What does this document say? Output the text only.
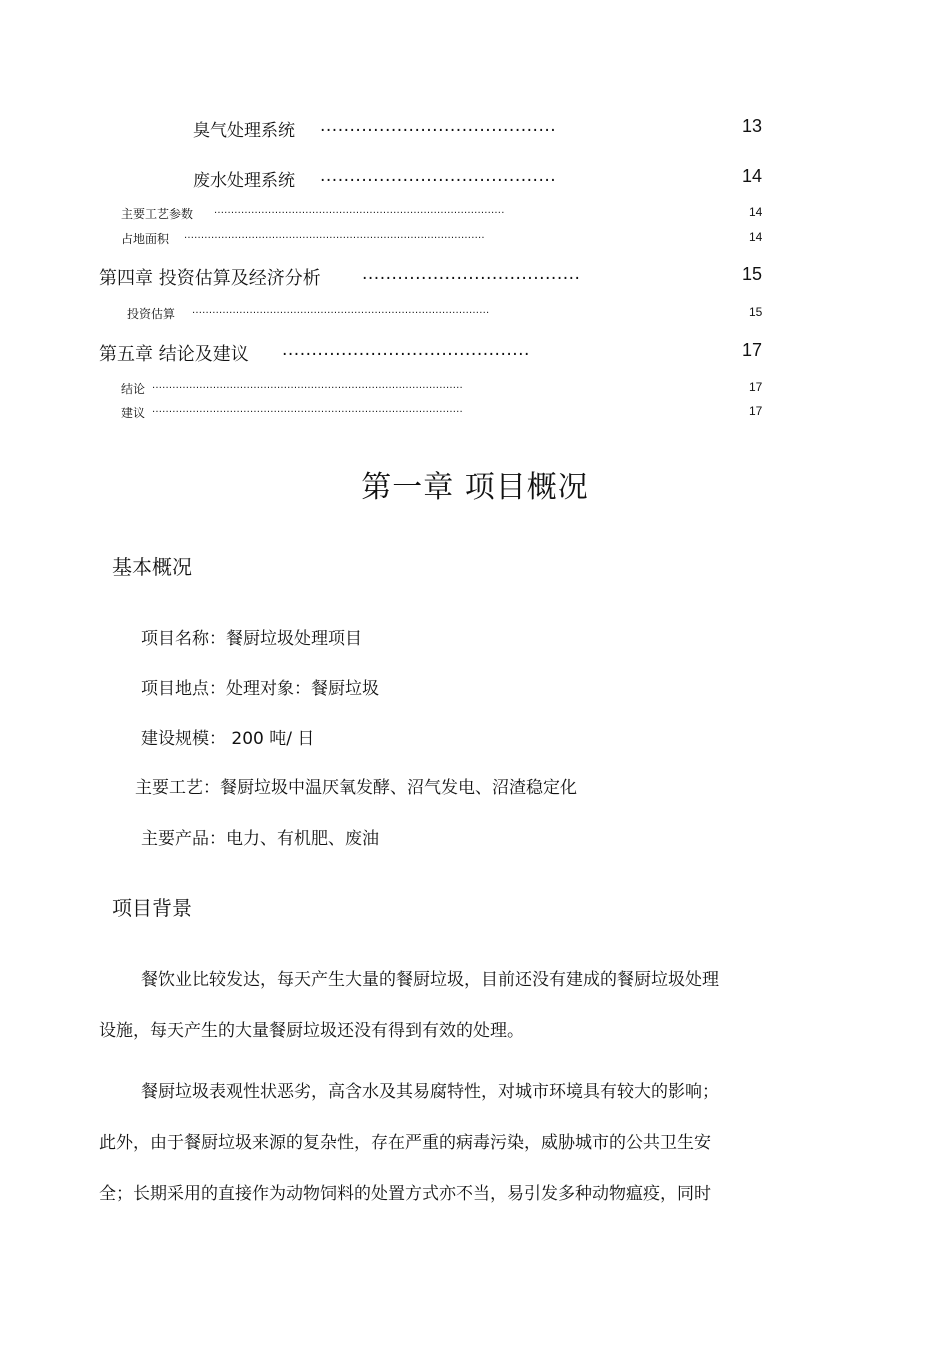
臭气处理系统 ........................................	13
废水处理系统 ........................................	14
主要工艺参数 ......................................................................................	14
占地面积 .........................................................................................	14
第四章 投资估算及经济分析 .....................................	15
投资估算 ........................................................................................	15
第五章 结论及建议 ..........................................	17
结论 ............................................................................................	17
建议 ............................................................................................	17
第一章 项目概况
基本概况
项目名称：餐厨垃圾处理项目
项目地点：处理对象：餐厨垃圾
建设规模： 200 吨/ 日
主要工艺：餐厨垃圾中温厌氧发酵、沼气发电、沼渣稳定化
主要产品：电力、有机肥、废油
项目背景
餐饮业比较发达，每天产生大量的餐厨垃圾，目前还没有建成的餐厨垃圾处理
设施，每天产生的大量餐厨垃圾还没有得到有效的处理。
餐厨垃圾表观性状恶劣，高含水及其易腐特性，对城市环境具有较大的影响；
此外，由于餐厨垃圾来源的复杂性，存在严重的病毒污染，威胁城市的公共卫生安
全；长期采用的直接作为动物饲料的处置方式亦不当，易引发多种动物瘟疫，同时
